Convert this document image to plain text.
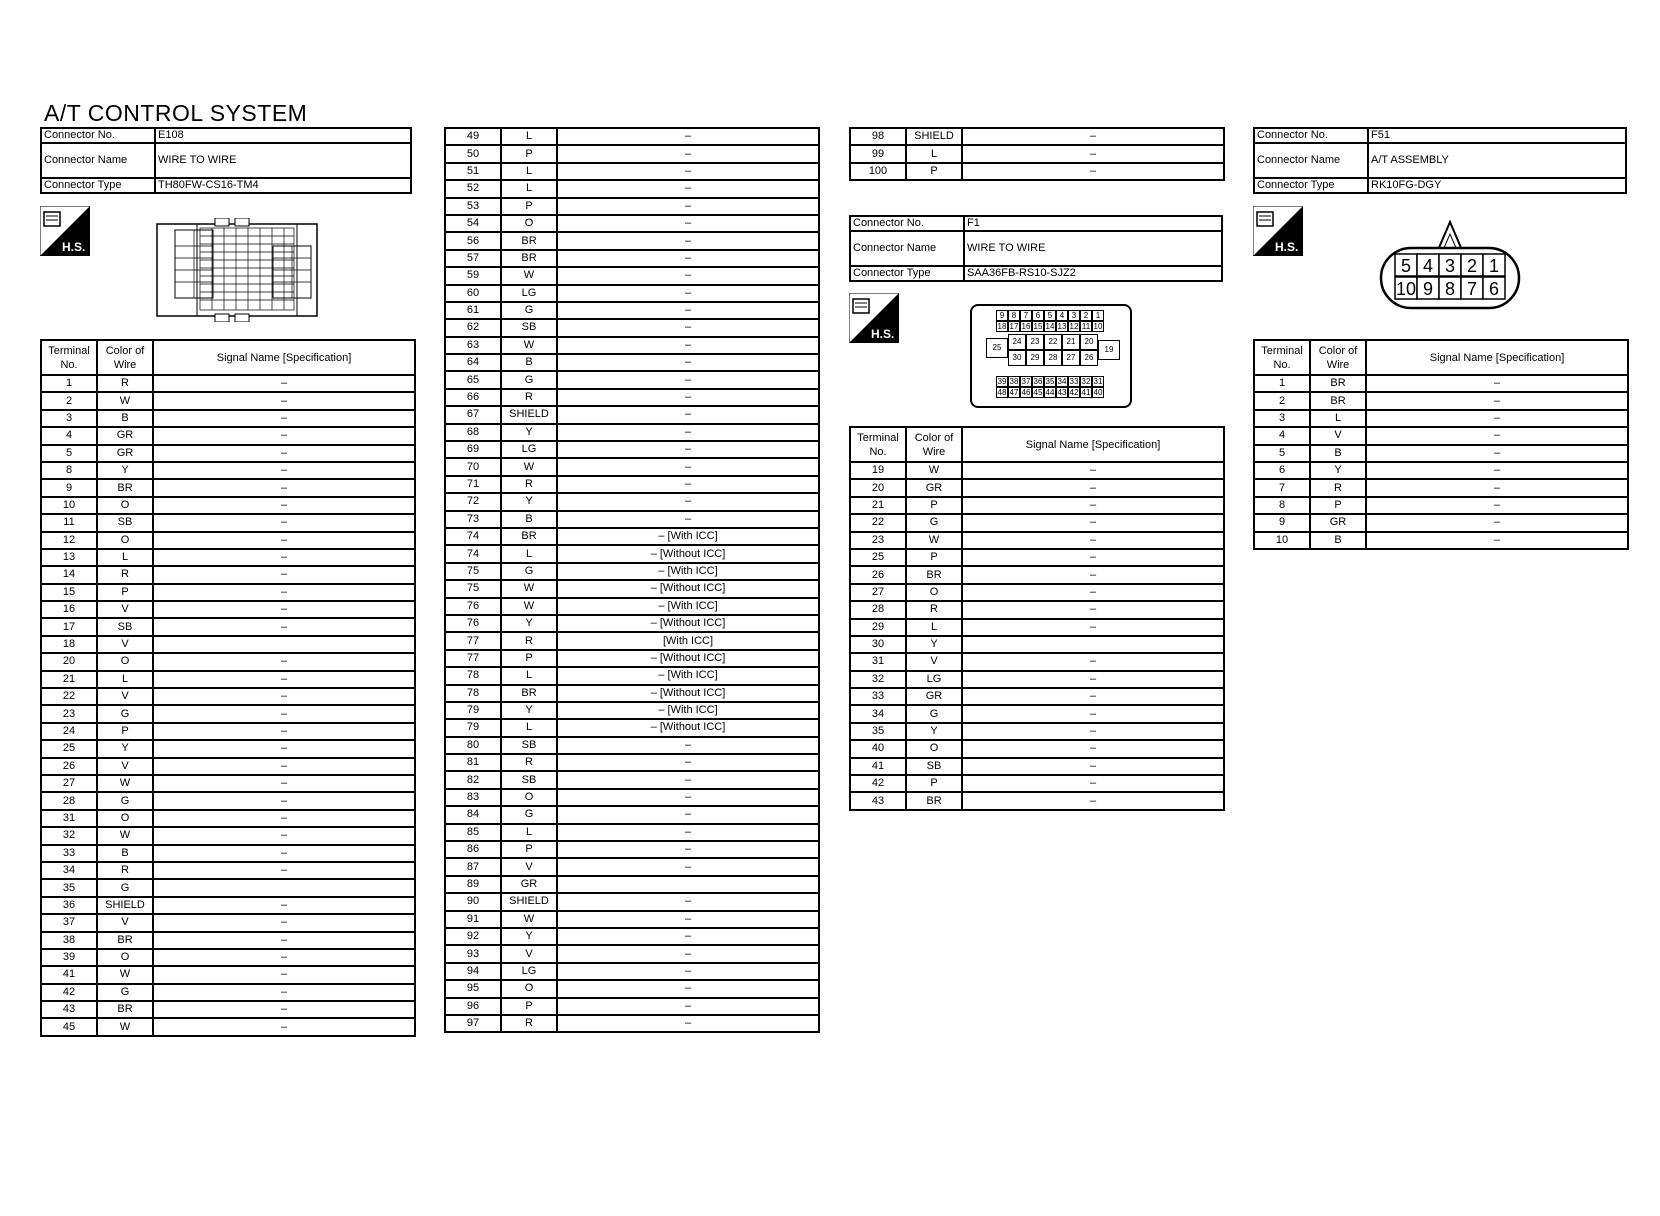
A/T CONTROL SYSTEM
Connector No.	E108
Connector Name	WIRE TO WIRE
Connector Type	TH80FW-CS16-TM4
H.S.
Terminal No.	Color of Wire	Signal Name [Specification]
1	R	–
2	W	–
3	B	–
4	GR	–
5	GR	–
8	Y	–
9	BR	–
10	O	–
11	SB	–
12	O	–
13	L	–
14	R	–
15	P	–
16	V	–
17	SB	–
18	V	
20	O	–
21	L	–
22	V	–
23	G	–
24	P	–
25	Y	–
26	V	–
27	W	–
28	G	–
31	O	–
32	W	–
33	B	–
34	R	–
35	G	
36	SHIELD	–
37	V	–
38	BR	–
39	O	–
41	W	–
42	G	–
43	BR	–
45	W	–
49	L	–
50	P	–
51	L	–
52	L	–
53	P	–
54	O	–
56	BR	–
57	BR	–
59	W	–
60	LG	–
61	G	–
62	SB	–
63	W	–
64	B	–
65	G	–
66	R	–
67	SHIELD	–
68	Y	–
69	LG	–
70	W	–
71	R	–
72	Y	–
73	B	–
74	BR	– [With ICC]
74	L	– [Without ICC]
75	G	– [With ICC]
75	W	– [Without ICC]
76	W	– [With ICC]
76	Y	– [Without ICC]
77	R	[With ICC]
77	P	– [Without ICC]
78	L	– [With ICC]
78	BR	– [Without ICC]
79	Y	– [With ICC]
79	L	– [Without ICC]
80	SB	–
81	R	–
82	SB	–
83	O	–
84	G	–
85	L	–
86	P	–
87	V	–
89	GR	
90	SHIELD	–
91	W	–
92	Y	–
93	V	–
94	LG	–
95	O	–
96	P	–
97	R	–
98	SHIELD	–
99	L	–
100	P	–
Connector No.	F1
Connector Name	WIRE TO WIRE
Connector Type	SAA36FB-RS10-SJZ2
H.S.
9 8 7 6 5 4 3 2 1
18 17 16 15 14 13 12 11 10
39 38 37 36 35 34 33 32 31
48 47 46 45 44 43 42 41 40
24	23	22	21	20
30	29	28	27	26
25	19
Terminal No.	Color of Wire	Signal Name [Specification]
19	W	–
20	GR	–
21	P	–
22	G	–
23	W	–
25	P	–
26	BR	–
27	O	–
28	R	–
29	L	–
30	Y	
31	V	–
32	LG	–
33	GR	–
34	G	–
35	Y	–
40	O	–
41	SB	–
42	P	–
43	BR	–
Connector No.	F51
Connector Name	A/T ASSEMBLY
Connector Type	RK10FG-DGY
H.S.
5 4 3 2 1
10 9 8 7 6
Terminal No.	Color of Wire	Signal Name [Specification]
1	BR	–
2	BR	–
3	L	–
4	V	–
5	B	–
6	Y	–
7	R	–
8	P	–
9	GR	–
10	B	–
